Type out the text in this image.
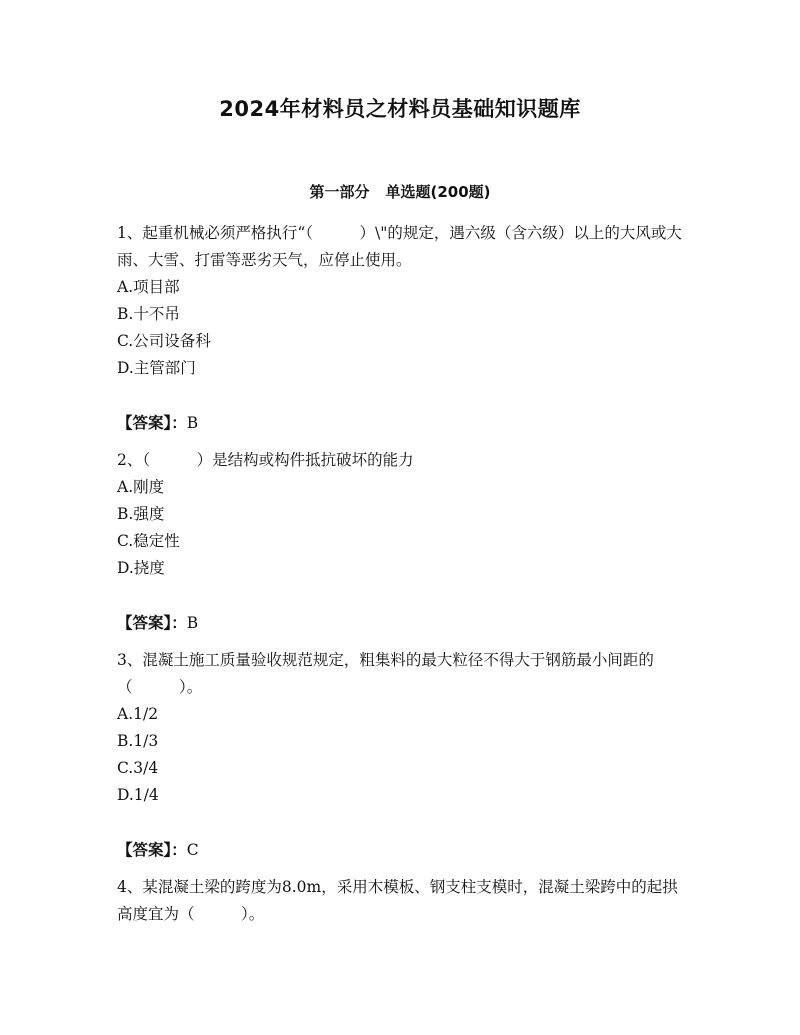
2024年材料员之材料员基础知识题库
第一部分 单选题(200题)

1、起重机械必须严格执行“（　　　）\"的规定，遇六级（含六级）以上的大风或大雨、大雪、打雷等恶劣天气，应停止使用。

A.项目部
B.十不吊
C.公司设备科
D.主管部门

【答案】：B

2、（　　　）是结构或构件抵抗破坏的能力

A.刚度
B.强度
C.稳定性
D.挠度

【答案】：B

3、混凝土施工质量验收规范规定，粗集料的最大粒径不得大于钢筋最小间距的（　　　）。

A.1/2
B.1/3
C.3/4
D.1/4

【答案】：C

4、某混凝土梁的跨度为8.0m，采用木模板、钢支柱支模时，混凝土梁跨中的起拱高度宜为（　　　）。
